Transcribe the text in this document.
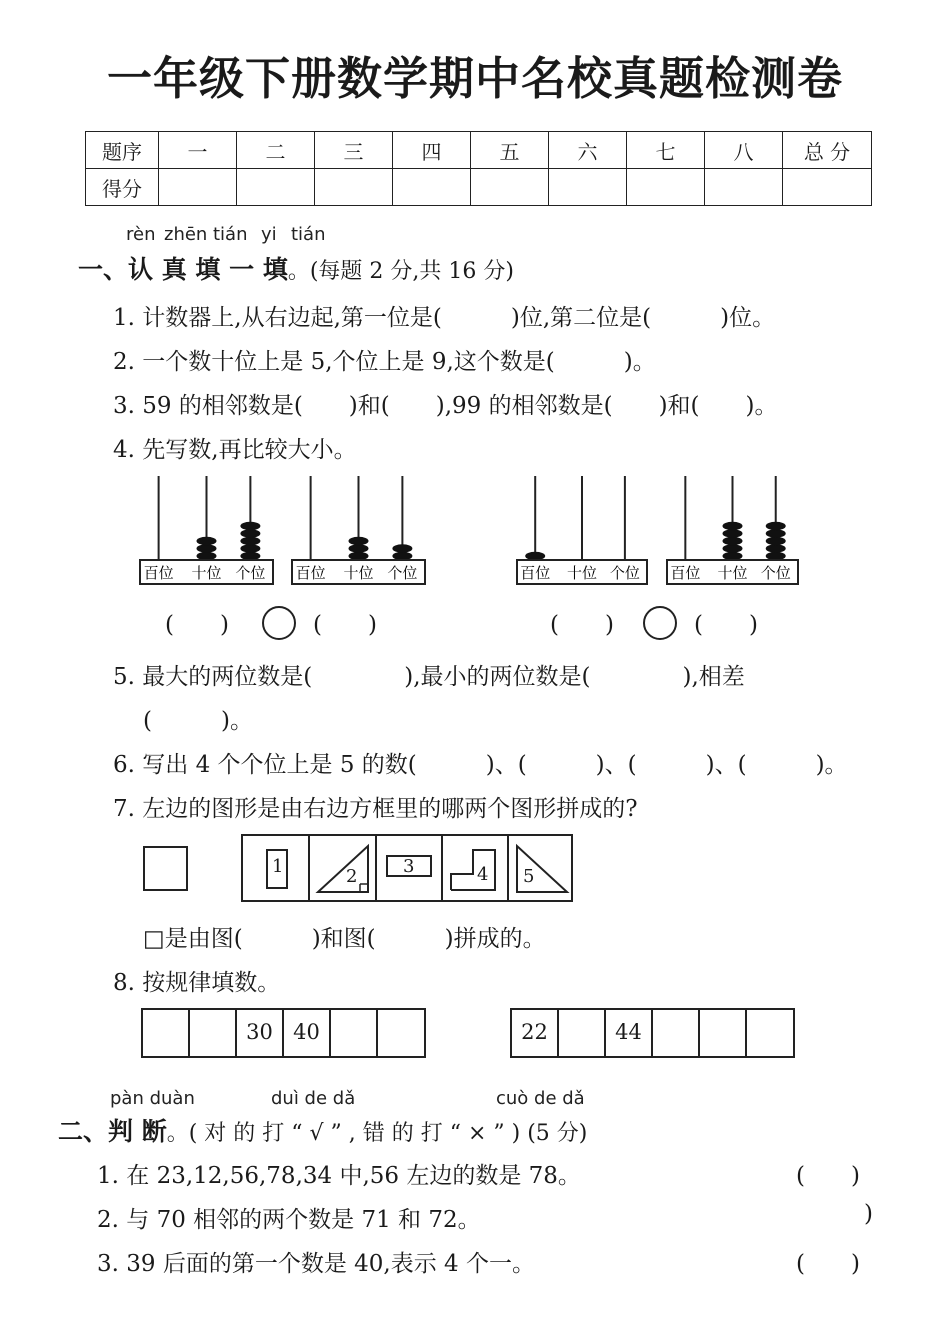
一年级下册数学期中名校真题检测卷
题序	一	二	三	四	五	六	七	八	总 分
得分									
rèn zhēn tián yi tián
一、认 真 填 一 填。(每题 2 分,共 16 分)
1. 计数器上,从右边起,第一位是(　　　)位,第二位是(　　　)位。
2. 一个数十位上是 5,个位上是 9,这个数是(　　　)。
3. 59 的相邻数是(　　)和(　　),99 的相邻数是(　　)和(　　)。
4. 先写数,再比较大小。
百位 十位 个位 百位 十位 个位	百位 十位 个位 百位 十位 个位
(　　)	(　　)	(　　)	(　　)
5. 最大的两位数是(　　　　),最小的两位数是(　　　　),相差
(　　　)。
6. 写出 4 个个位上是 5 的数(　　　)、(　　　)、(　　　)、(　　　)。
7. 左边的图形是由右边方框里的哪两个图形拼成的?
1	2	3	4 5
□是由图(　　　)和图(　　　)拼成的。
8. 按规律填数。
30 40	22	44
pàn duàn	duì de dǎ	cuò de dǎ
二、判 断。( 对 的 打 “ √ ” , 错 的 打 “ × ” ) (5 分)
1. 在 23,12,56,78,34 中,56 左边的数是 78。	(　　)
2. 与 70 相邻的两个数是 71 和 72。	)
3. 39 后面的第一个数是 40,表示 4 个一。	(　　)
